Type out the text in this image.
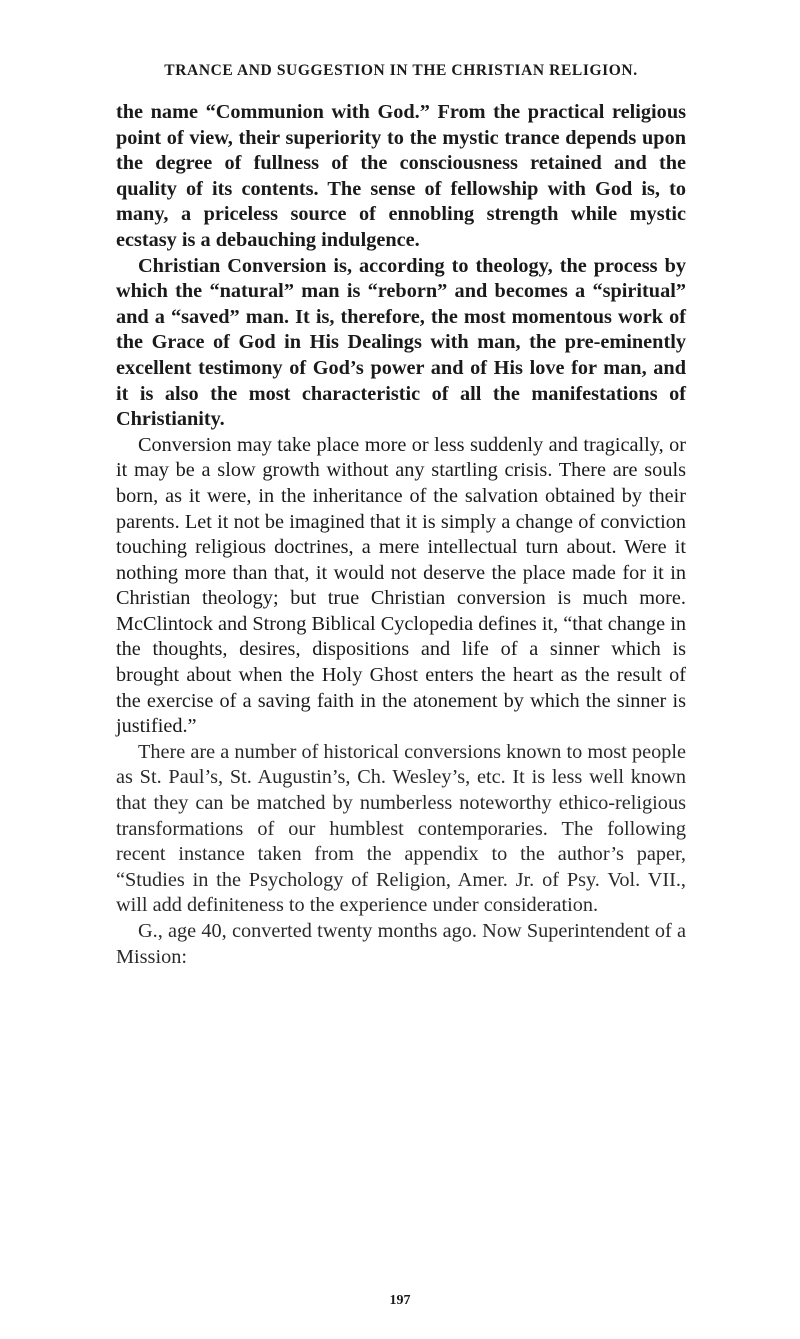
TRANCE AND SUGGESTION IN THE CHRISTIAN RELIGION.

the name “Communion with God.” From the practical religious point of view, their superiority to the mystic trance depends upon the degree of fullness of the consciousness retained and the quality of its contents. The sense of fellowship with God is, to many, a priceless source of ennobling strength while mystic ecstasy is a debauching indulgence.

Christian Conversion is, according to theology, the process by which the “natural” man is “reborn” and becomes a “spiritual” and a “saved” man. It is, therefore, the most momentous work of the Grace of God in His Dealings with man, the pre-eminently excellent testimony of God’s power and of His love for man, and it is also the most characteristic of all the manifestations of Christianity.

Conversion may take place more or less suddenly and tragically, or it may be a slow growth without any startling crisis. There are souls born, as it were, in the inheritance of the salvation obtained by their parents. Let it not be imagined that it is simply a change of conviction touching religious doctrines, a mere intellectual turn about. Were it nothing more than that, it would not deserve the place made for it in Christian theology; but true Christian conversion is much more. McClintock and Strong Biblical Cyclopedia defines it, “that change in the thoughts, desires, dispositions and life of a sinner which is brought about when the Holy Ghost enters the heart as the result of the exercise of a saving faith in the atonement by which the sinner is justified.”

There are a number of historical conversions known to most people as St. Paul’s, St. Augustin’s, Ch. Wesley’s, etc. It is less well known that they can be matched by numberless noteworthy ethico-religious transformations of our humblest contemporaries. The following recent instance taken from the appendix to the author’s paper, “Studies in the Psychology of Religion, Amer. Jr. of Psy. Vol. VII., will add definiteness to the experience under consideration.

G., age 40, converted twenty months ago. Now Superintendent of a Mission:

197
